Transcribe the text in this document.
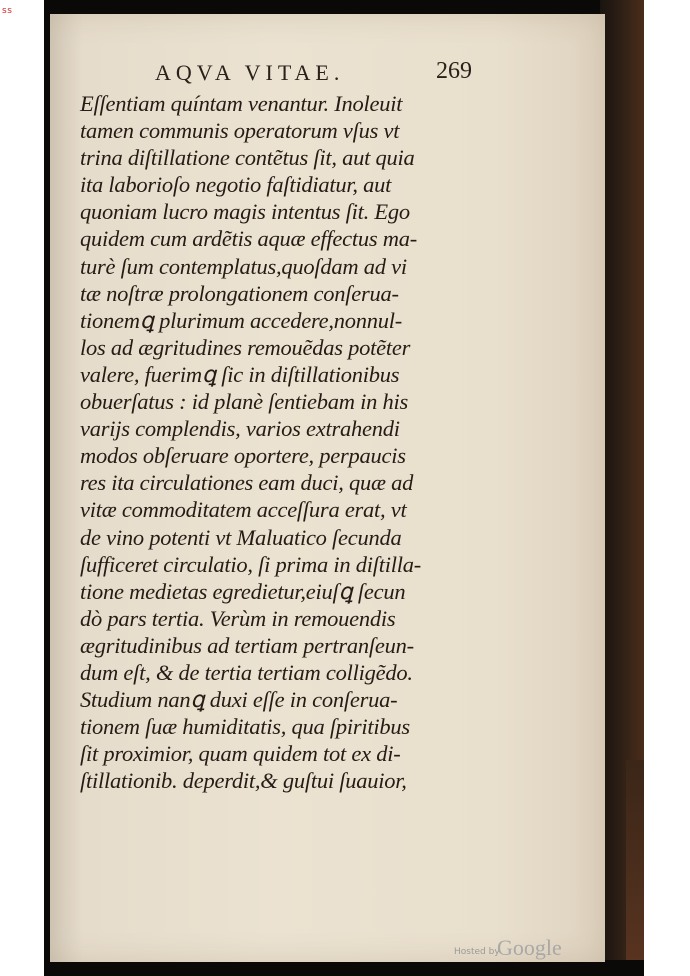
ss
AQVA VITAE.	269
Eſſentiam quíntam venantur. Inoleuit
tamen communis operatorum vſus vt
trina diſtillatione contẽtus ſit, aut quia
ita laborioſo negotio faſtidiatur, aut
quoniam lucro magis intentus ſit. Ego
quidem cum ardẽtis aquæ effectus ma-
turè ſum contemplatus,quoſdam ad vi
tæ noſtræ prolongationem conſerua-
tionemꝗ plurimum accedere,nonnul-
los ad ægritudines remouẽdas potẽter
valere, fuerimꝗ ſic in diſtillationibus
obuerſatus : id planè ſentiebam in his
varijs complendis, varios extrahendi
modos obſeruare oportere, perpaucis
res ita circulationes eam duci, quæ ad
vitæ commoditatem acceſſura erat, vt
de vino potenti vt Maluatico ſecunda
ſufficeret circulatio, ſi prima in diſtilla-
tione medietas egredietur,eiuſꝗ ſecun
dò pars tertia. Verùm in remouendis
ægritudinibus ad tertiam pertranſeun-
dum eſt, & de tertia tertiam colligẽdo.
Studium nanꝗ duxi eſſe in conſerua-
tionem ſuæ humiditatis, qua ſpiritibus
ſit proximior, quam quidem tot ex di-
ſtillationib. deperdit,& guſtui ſuauior,
Hosted by
Google
